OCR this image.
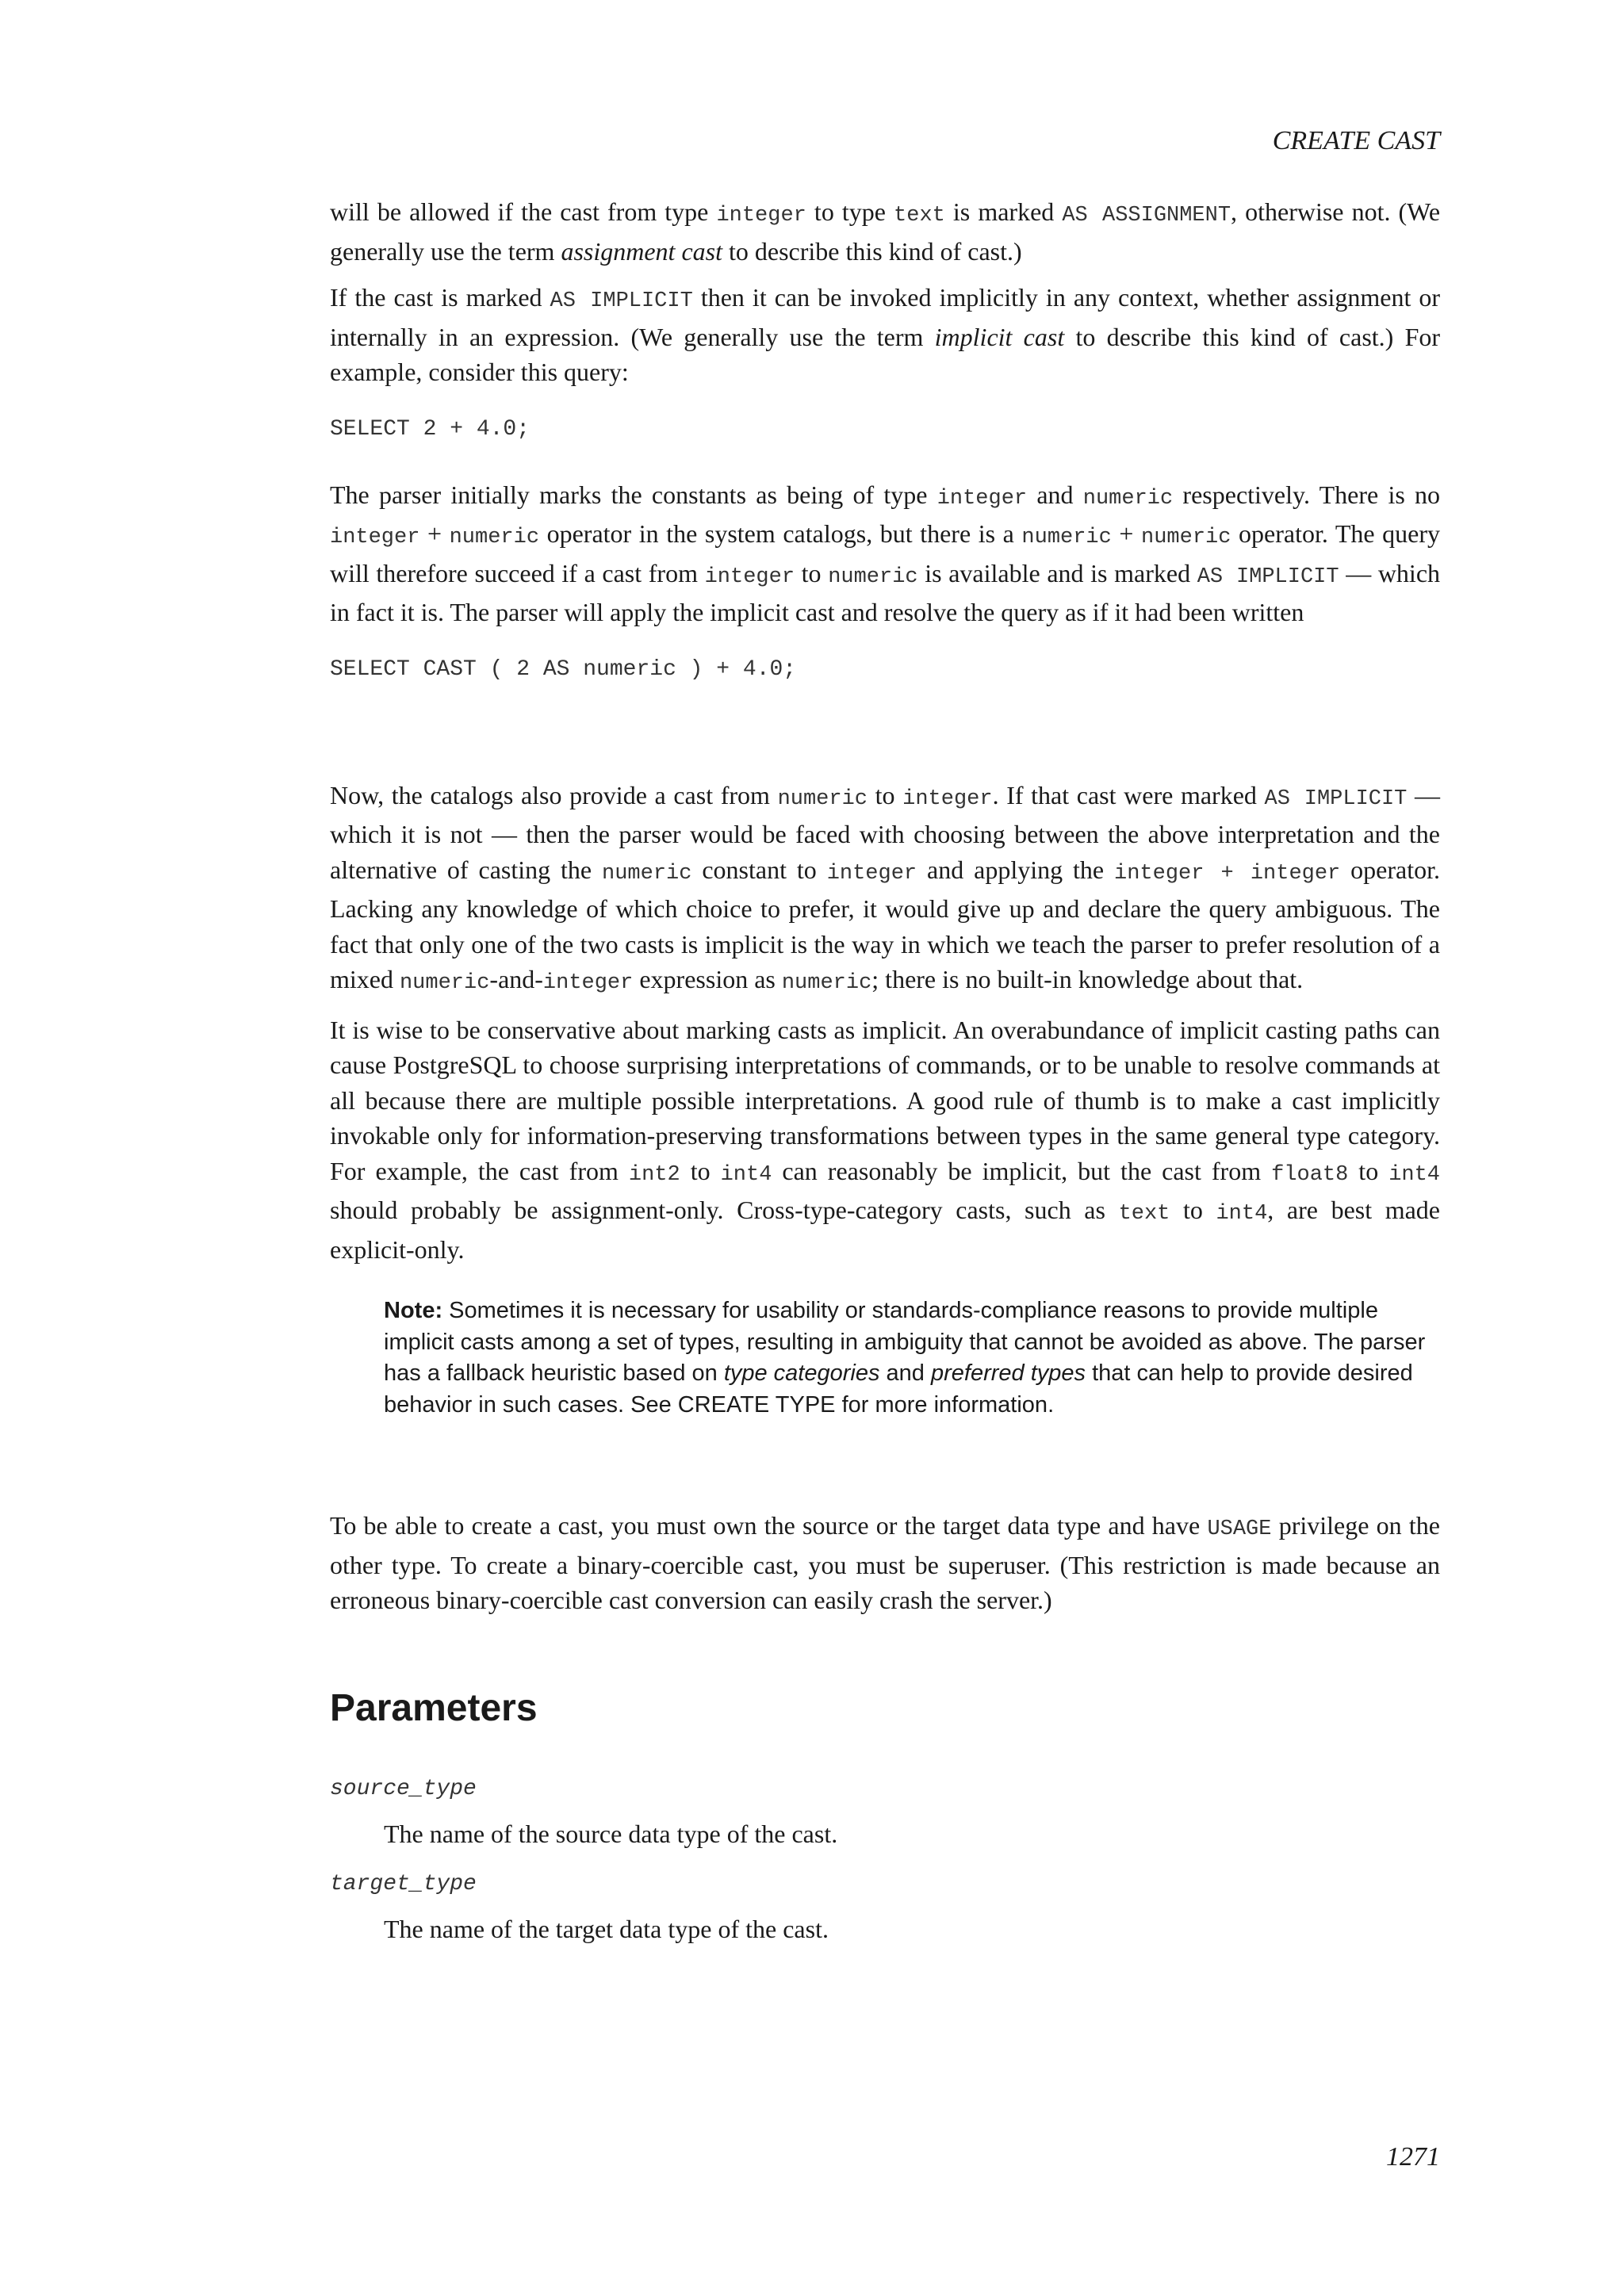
CREATE CAST

will be allowed if the cast from type integer to type text is marked AS ASSIGNMENT, otherwise not. (We generally use the term assignment cast to describe this kind of cast.)

If the cast is marked AS IMPLICIT then it can be invoked implicitly in any context, whether assignment or internally in an expression. (We generally use the term implicit cast to describe this kind of cast.) For example, consider this query:

SELECT 2 + 4.0;

The parser initially marks the constants as being of type integer and numeric respectively. There is no integer + numeric operator in the system catalogs, but there is a numeric + numeric operator. The query will therefore succeed if a cast from integer to numeric is available and is marked AS IMPLICIT — which in fact it is. The parser will apply the implicit cast and resolve the query as if it had been written

SELECT CAST ( 2 AS numeric ) + 4.0;

Now, the catalogs also provide a cast from numeric to integer. If that cast were marked AS IMPLICIT — which it is not — then the parser would be faced with choosing between the above interpretation and the alternative of casting the numeric constant to integer and applying the integer + integer operator. Lacking any knowledge of which choice to prefer, it would give up and declare the query ambiguous. The fact that only one of the two casts is implicit is the way in which we teach the parser to prefer resolution of a mixed numeric-and-integer expression as numeric; there is no built-in knowledge about that.

It is wise to be conservative about marking casts as implicit. An overabundance of implicit casting paths can cause PostgreSQL to choose surprising interpretations of commands, or to be unable to resolve commands at all because there are multiple possible interpretations. A good rule of thumb is to make a cast implicitly invokable only for information-preserving transformations between types in the same general type category. For example, the cast from int2 to int4 can reasonably be implicit, but the cast from float8 to int4 should probably be assignment-only. Cross-type-category casts, such as text to int4, are best made explicit-only.

Note: Sometimes it is necessary for usability or standards-compliance reasons to provide multiple implicit casts among a set of types, resulting in ambiguity that cannot be avoided as above. The parser has a fallback heuristic based on type categories and preferred types that can help to provide desired behavior in such cases. See CREATE TYPE for more information.

To be able to create a cast, you must own the source or the target data type and have USAGE privilege on the other type. To create a binary-coercible cast, you must be superuser. (This restriction is made because an erroneous binary-coercible cast conversion can easily crash the server.)

Parameters
source_type
The name of the source data type of the cast.
target_type
The name of the target data type of the cast.
1271
